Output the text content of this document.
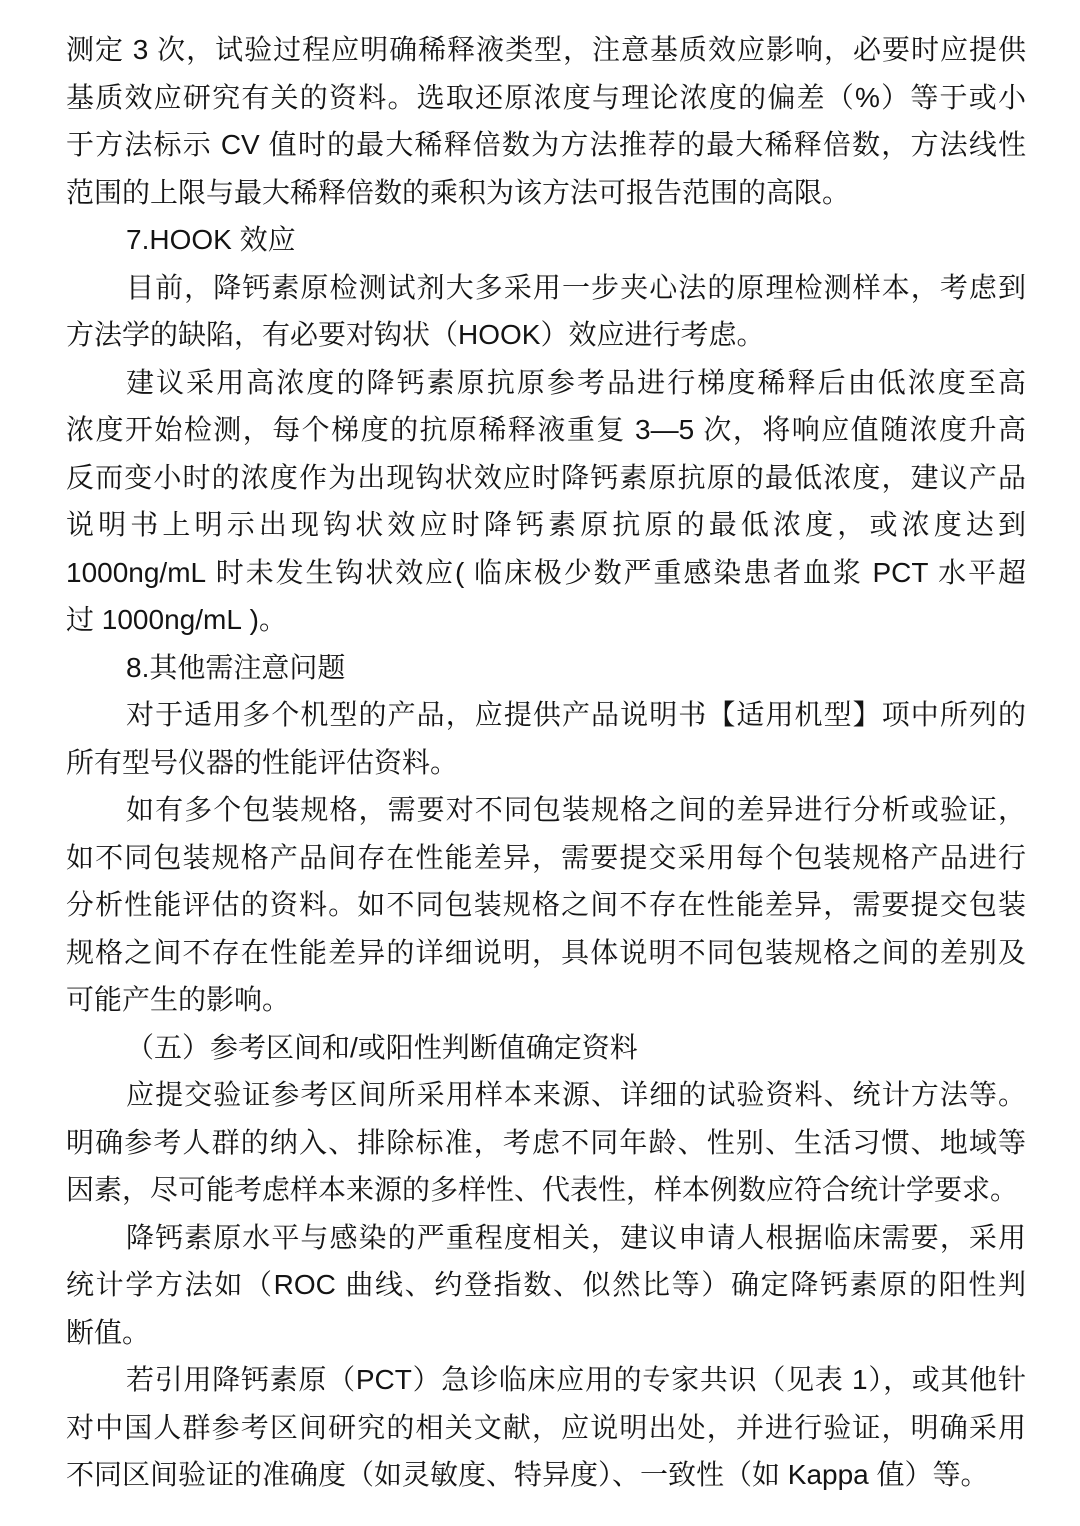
测定 3 次，试验过程应明确稀释液类型，注意基质效应影响，必要时应提供
基质效应研究有关的资料。选取还原浓度与理论浓度的偏差（%）等于或小
于方法标示 CV 值时的最大稀释倍数为方法推荐的最大稀释倍数，方法线性
范围的上限与最大稀释倍数的乘积为该方法可报告范围的高限。
7.HOOK 效应
目前，降钙素原检测试剂大多采用一步夹心法的原理检测样本，考虑到
方法学的缺陷，有必要对钩状（HOOK）效应进行考虑。
建议采用高浓度的降钙素原抗原参考品进行梯度稀释后由低浓度至高
浓度开始检测，每个梯度的抗原稀释液重复 3—5 次，将响应值随浓度升高
反而变小时的浓度作为出现钩状效应时降钙素原抗原的最低浓度，建议产品
说明书上明示出现钩状效应时降钙素原抗原的最低浓度，或浓度达到
1000ng/mL 时未发生钩状效应( 临床极少数严重感染患者血浆 PCT 水平超
过 1000ng/mL )。
8.其他需注意问题
对于适用多个机型的产品，应提供产品说明书【适用机型】项中所列的
所有型号仪器的性能评估资料。
如有多个包装规格，需要对不同包装规格之间的差异进行分析或验证，
如不同包装规格产品间存在性能差异，需要提交采用每个包装规格产品进行
分析性能评估的资料。如不同包装规格之间不存在性能差异，需要提交包装
规格之间不存在性能差异的详细说明，具体说明不同包装规格之间的差别及
可能产生的影响。
（五）参考区间和/或阳性判断值确定资料
应提交验证参考区间所采用样本来源、详细的试验资料、统计方法等。
明确参考人群的纳入、排除标准，考虑不同年龄、性别、生活习惯、地域等
因素，尽可能考虑样本来源的多样性、代表性，样本例数应符合统计学要求。
降钙素原水平与感染的严重程度相关，建议申请人根据临床需要，采用
统计学方法如（ROC 曲线、约登指数、似然比等）确定降钙素原的阳性判
断值。
若引用降钙素原（PCT）急诊临床应用的专家共识（见表 1），或其他针
对中国人群参考区间研究的相关文献，应说明出处，并进行验证，明确采用
不同区间验证的准确度（如灵敏度、特异度）、一致性（如 Kappa 值）等。
